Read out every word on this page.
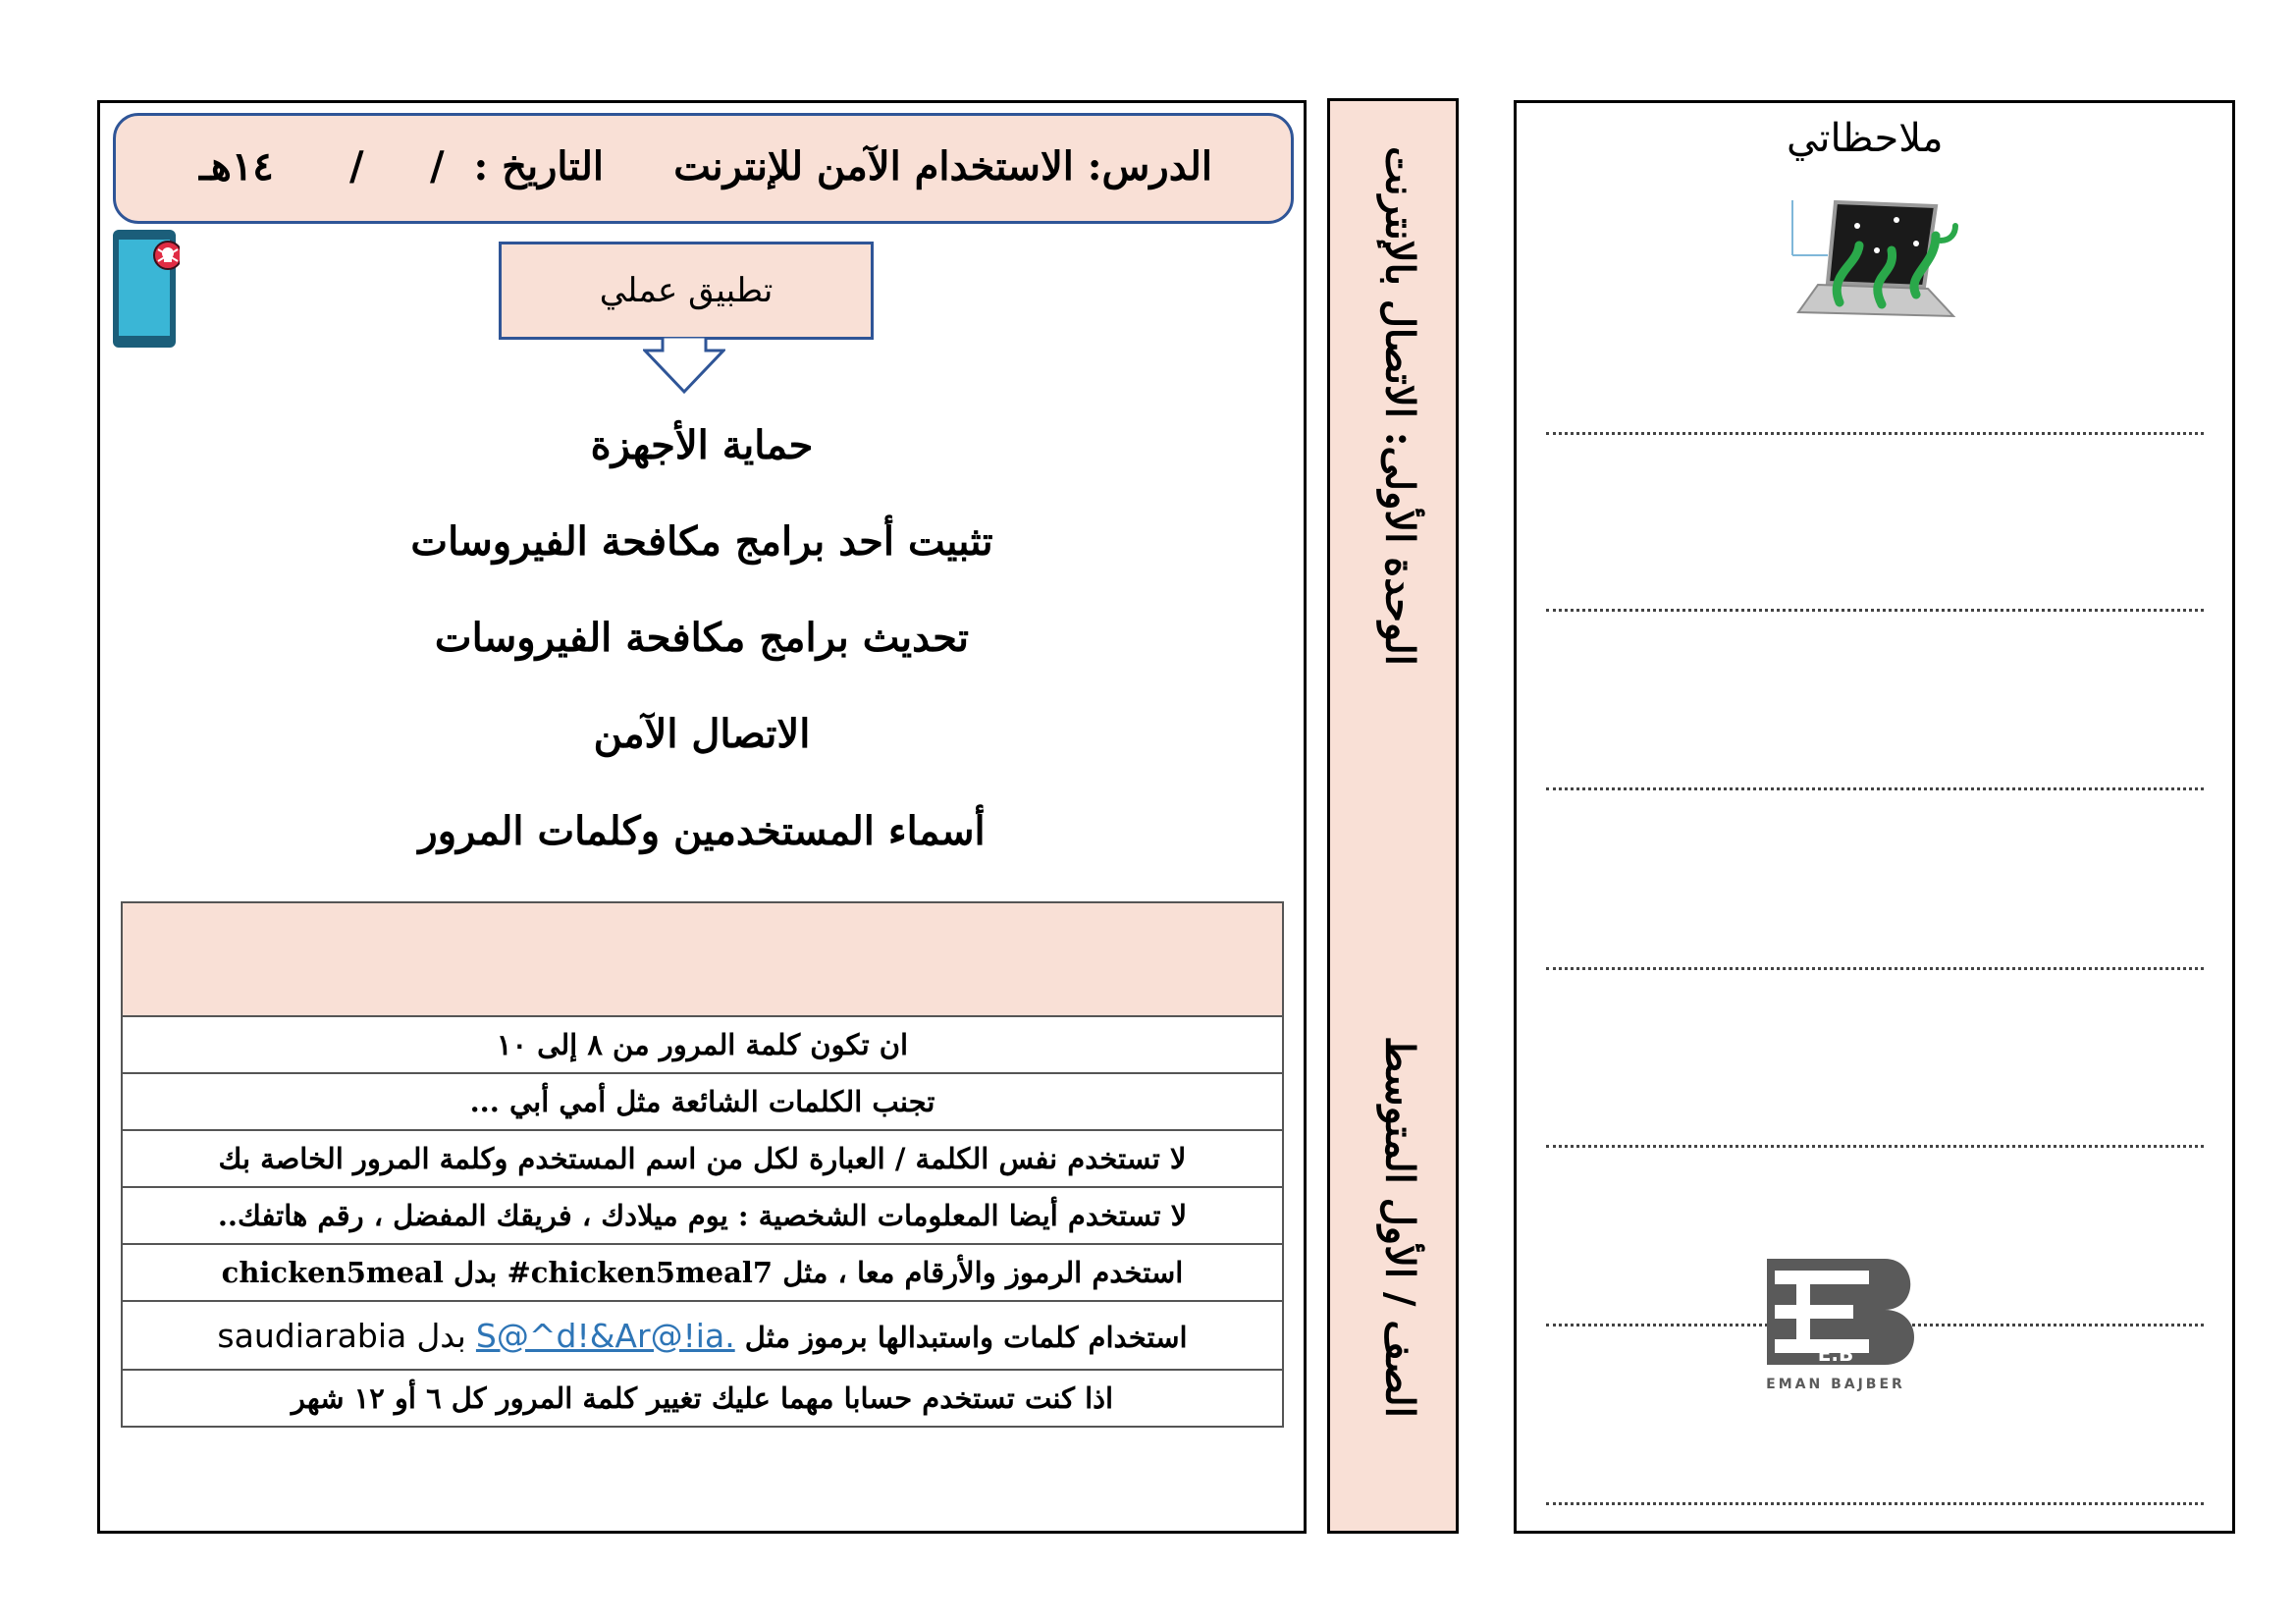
الدرس: الاستخدام الآمن للإنترنت
التاريخ :
/
/
١٤هـ
تطبيق عملي
حماية الأجهزة
تثبيت أحد برامج مكافحة الفيروسات
تحديث برامج مكافحة الفيروسات
الاتصال الآمن
أسماء المستخدمين وكلمات المرور

ان تكون كلمة المرور من ٨ إلى ١٠
تجنب الكلمات الشائعة مثل أمي أبي ...
لا تستخدم نفس الكلمة / العبارة لكل من اسم المستخدم وكلمة المرور الخاصة بك
لا تستخدم أيضا المعلومات الشخصية : يوم ميلادك ، فريقك المفضل ، رقم هاتفك..
استخدم الرموز والأرقام معا ، مثل #chicken5meal7 بدل chicken5meal
استخدام كلمات واستبدالها برموز مثل S@^d!&Ar@!ia. بدل saudiarabia
اذا كنت تستخدم حسابا مهما عليك تغيير كلمة المرور كل ٦ أو ١٢ شهر
الوحدة الأولى: الاتصال بالإنترنت
الصف / الأول المتوسط
ملاحظاتي
E.B
EMAN BAJBER
